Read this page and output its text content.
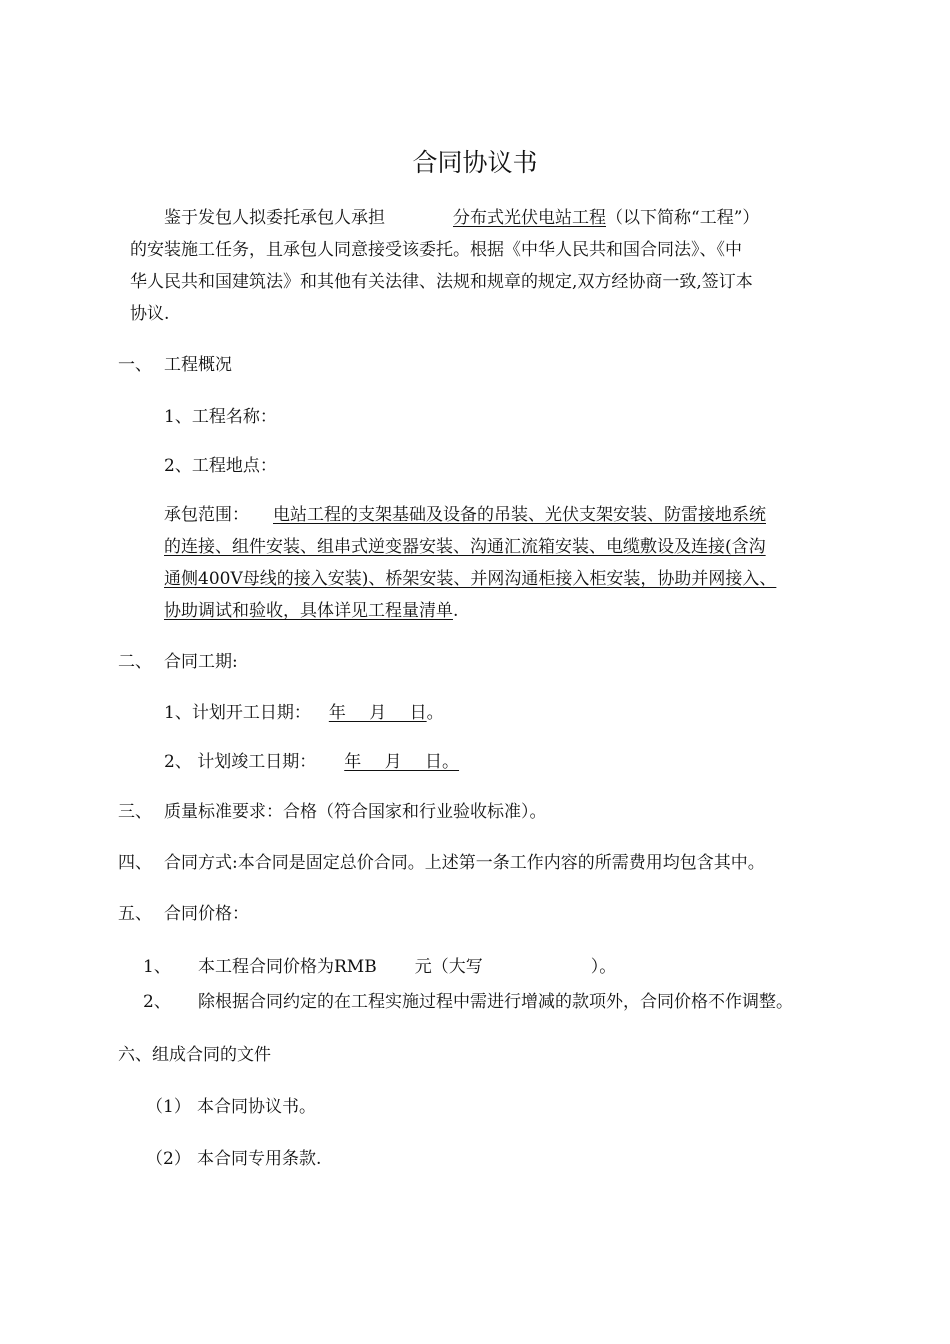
合同协议书
鉴于发包人拟委托承包人承担	分布式光伏电站工程（以下简称“工程”）
的安装施工任务，且承包人同意接受该委托。根据《中华人民共和国合同法》、《中
华人民共和国建筑法》和其他有关法律、法规和规章的规定,双方经协商一致,签订本
协议.
一、 工程概况
1、工程名称：
2、工程地点：
承包范围： 电站工程的支架基础及设备的吊装、光伏支架安装、防雷接地系统
的连接、组件安装、组串式逆变器安装、沟通汇流箱安装、电缆敷设及连接(含沟
通侧400V母线的接入安装)、桥架安装、并网沟通柜接入柜安装，协助并网接入、
协助调试和验收，具体详见工程量清单.
二、 合同工期:
1、计划开工日期： 年 月 日。
2、 计划竣工日期： 年 月 日。
三、 质量标准要求：合格（符合国家和行业验收标准）。
四、 合同方式:本合同是固定总价合同。上述第一条工作内容的所需费用均包含其中。
五、 合同价格：
1、 本工程合同价格为RMB 元（大写	）。
2、 除根据合同约定的在工程实施过程中需进行增减的款项外，合同价格不作调整。
六、组成合同的文件
（1） 本合同协议书。
（2） 本合同专用条款.
